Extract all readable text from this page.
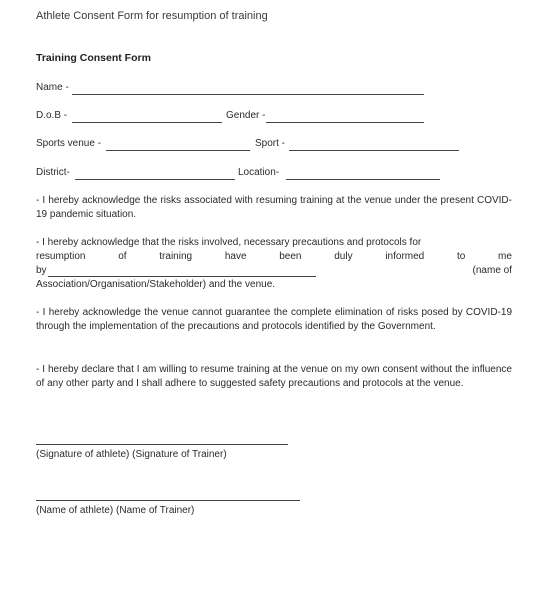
Athlete Consent Form for resumption of training
Training Consent Form
Name -
D.o.B -	Gender -
Sports venue -	Sport -
District-	Location-

- I hereby acknowledge the risks associated with resuming training at the venue under the present COVID-19 pandemic situation.

- I hereby acknowledge that the risks involved, necessary precautions and protocols for

resumption	of	training	have	been	duly	informed	to	me
by	(name of

Association/Organisation/Stakeholder) and the venue.

- I hereby acknowledge the venue cannot guarantee the complete elimination of risks posed by COVID-19 through the implementation of the precautions and protocols identified by the Government.

- I hereby declare that I am willing to resume training at the venue on my own consent without the influence of any other party and I shall adhere to suggested safety precautions and protocols at the venue.

(Signature of athlete) (Signature of Trainer)
(Name of athlete) (Name of Trainer)
